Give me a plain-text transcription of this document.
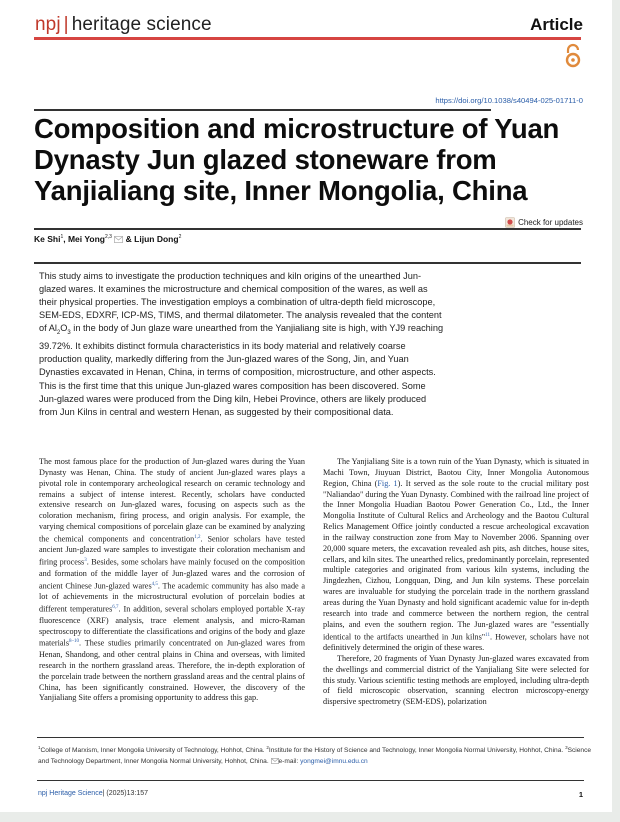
npj | heritage science	Article
https://doi.org/10.1038/s40494-025-01711-0
Composition and microstructure of Yuan Dynasty Jun glazed stoneware from Yanjialiang site, Inner Mongolia, China
Check for updates
Ke Shi$^1$, Mei Yong$^{2,3}$  & Lijun Dong$^2$

This study aims to investigate the production techniques and kiln origins of the unearthed Jun-glazed wares. It examines the microstructure and chemical composition of the wares, as well as their physical properties. The investigation employs a combination of ultra-depth field microscope, SEM-EDS, EDXRF, ICP-MS, TIMS, and thermal dilatometer. The analysis revealed that the content of $Al_2O_3$ in the body of Jun glaze ware unearthed from the Yanjialiang site is high, with YJ9 reaching 39.72%. It exhibits distinct formula characteristics in its body material and relatively coarse production quality, markedly differing from the Jun-glazed wares of the Song, Jin, and Yuan Dynasties excavated in Henan, China, in terms of composition, microstructure, and other aspects. This is the first time that this unique Jun-glazed wares composition has been discovered. Some Jun-glazed wares were produced from the Ding kiln, Hebei Province, others are likely produced from Jun Kilns in central and western Henan, as suggested by their compositional data.

The most famous place for the production of Jun-glazed wares during the Yuan Dynasty was Henan, China. The study of ancient Jun-glazed wares plays a pivotal role in contemporary archeological research on ceramic technology and remains a subject of intense interest. Recently, scholars have conducted extensive research on Jun-glazed wares, focusing on aspects such as the coloration mechanism, firing process, and origin analysis. For example, the varying chemical compositions of porcelain glaze can be examined by analyzing the chemical components and concentration$^{1,2}$. Senior scholars have tested ancient Jun-glazed ware samples to investigate their coloration mechanism and firing process$^3$. Besides, some scholars have mainly focused on the composition and formation of the middle layer of Jun-glazed wares and the corrosion of ancient Chinese Jun-glazed wares$^{4,5}$. The academic community has also made a lot of achievements in the microstructural evolution of porcelain bodies at different temperatures$^{6,7}$. In addition, several scholars employed portable X-ray fluorescence (XRF) analysis, trace element analysis, and micro-Raman spectroscopy to differentiate the classifications and origins of the body and glaze materials$^{8-10}$. These studies primarily concentrated on Jun-glazed wares from Henan, Shandong, and other central plains in China and overseas, with limited research in the northern grassland areas. Therefore, the in-depth exploration of the porcelain trade between the northern grassland areas and the central plains of China, has been significantly constrained. However, the discovery of the Yanjialiang Site offers a promising opportunity to address this gap.

The Yanjialiang Site is a town ruin of the Yuan Dynasty, which is situated in Machi Town, Jiuyuan District, Baotou City, Inner Mongolia Autonomous Region, China (Fig. 1). It served as the sole route to the crucial military post "Naliandao" during the Yuan Dynasty. Combined with the railroad line project of the Inner Mongolia Huadian Baotou Power Generation Co., Ltd., the Inner Mongolia Institute of Cultural Relics and Archeology and the Baotou Cultural Relics Management Office jointly conducted a rescue archeological excavation in the railway construction zone from May to November 2006. Spanning over 20,000 square meters, the excavation revealed ash pits, ash ditches, house sites, cellars, and kiln sites. The unearthed relics, predominantly porcelain, represented multiple categories and originated from various kiln systems, including the Jingdezhen, Cizhou, Longquan, Ding, and Jun kiln systems. These porcelain wares are invaluable for studying the porcelain trade in the northern grassland areas during the Yuan Dynasty and hold significant academic value for in-depth research into trade and commerce between the northern region, the central plains, and even the southern region. The Jun-glazed wares are "essentially identical to the artifacts unearthed in Jun kilns"$^{11}$. However, scholars have not definitively determined the origin of these wares.

Therefore, 20 fragments of Yuan Dynasty Jun-glazed wares excavated from the dwellings and commercial district of the Yanjialiang Site were selected for this study. Various scientific testing methods are employed, including ultra-depth of field microscopic observation, scanning electron microscopy-energy dispersive spectrometry (SEM-EDS), polarization

$^1$College of Marxism, Inner Mongolia University of Technology, Hohhot, China. $^2$Institute for the History of Science and Technology, Inner Mongolia Normal University, Hohhot, China. $^3$Science and Technology Department, Inner Mongolia Normal University, Hohhot, China. e-mail: yongmei@imnu.edu.cn

npj Heritage Science| (2025)13:157	1
